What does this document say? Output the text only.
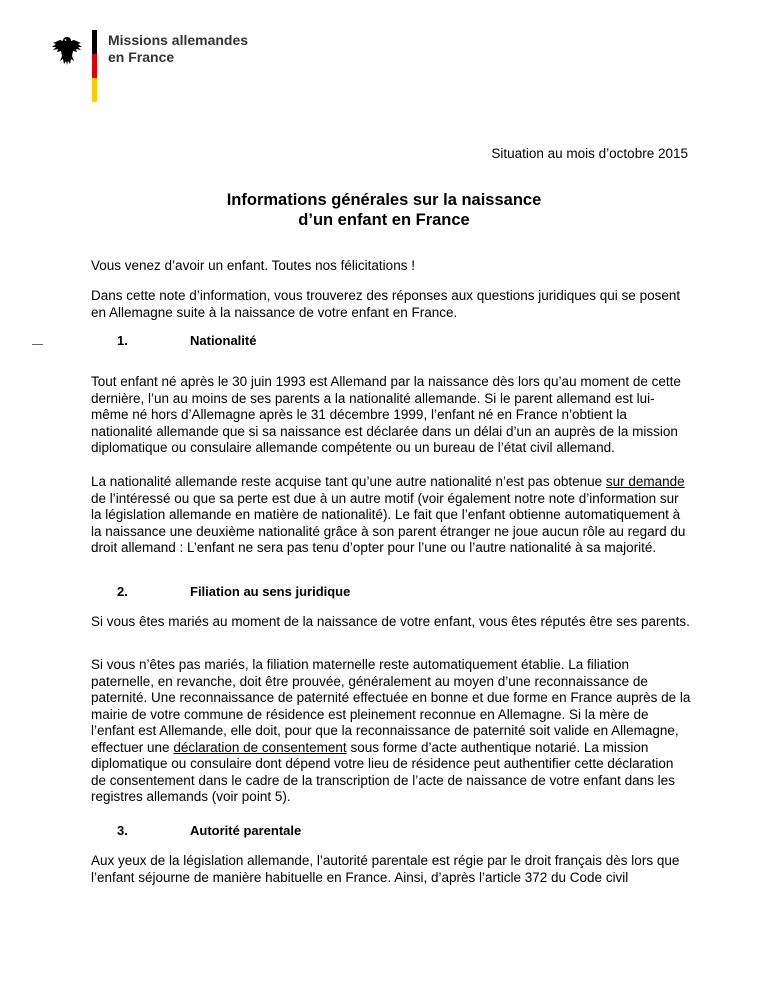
Missions allemandes
en France
Situation au mois d’octobre 2015
Informations générales sur la naissance
d’un enfant en France

Vous venez d’avoir un enfant. Toutes nos félicitations !

Dans cette note d’information, vous trouverez des réponses aux questions juridiques qui se posent en Allemagne suite à la naissance de votre enfant en France.

1.	Nationalité

Tout enfant né après le 30 juin 1993 est Allemand par la naissance dès lors qu’au moment de cette dernière, l’un au moins de ses parents a la nationalité allemande. Si le parent allemand est lui-même né hors d’Allemagne après le 31 décembre 1999, l’enfant né en France n’obtient la nationalité allemande que si sa naissance est déclarée dans un délai d’un an auprès de la mission diplomatique ou consulaire allemande compétente ou un bureau de l’état civil allemand.

La nationalité allemande reste acquise tant qu’une autre nationalité n’est pas obtenue sur demande de l’intéressé ou que sa perte est due à un autre motif (voir également notre note d’information sur la législation allemande en matière de nationalité). Le fait que l’enfant obtienne automatiquement à la naissance une deuxième nationalité grâce à son parent étranger ne joue aucun rôle au regard du droit allemand : L’enfant ne sera pas tenu d’opter pour l’une ou l’autre nationalité à sa majorité.

2.	Filiation au sens juridique

Si vous êtes mariés au moment de la naissance de votre enfant, vous êtes réputés être ses parents.

Si vous n’êtes pas mariés, la filiation maternelle reste automatiquement établie. La filiation paternelle, en revanche, doit être prouvée, généralement au moyen d’une reconnaissance de paternité. Une reconnaissance de paternité effectuée en bonne et due forme en France auprès de la mairie de votre commune de résidence est pleinement reconnue en Allemagne. Si la mère de l’enfant est Allemande, elle doit, pour que la reconnaissance de paternité soit valide en Allemagne, effectuer une déclaration de consentement sous forme d’acte authentique notarié. La mission diplomatique ou consulaire dont dépend votre lieu de résidence peut authentifier cette déclaration de consentement dans le cadre de la transcription de l’acte de naissance de votre enfant dans les registres allemands (voir point 5).

3.	Autorité parentale

Aux yeux de la législation allemande, l’autorité parentale est régie par le droit français dès lors que l’enfant séjourne de manière habituelle en France. Ainsi, d’après l’article 372 du Code civil
